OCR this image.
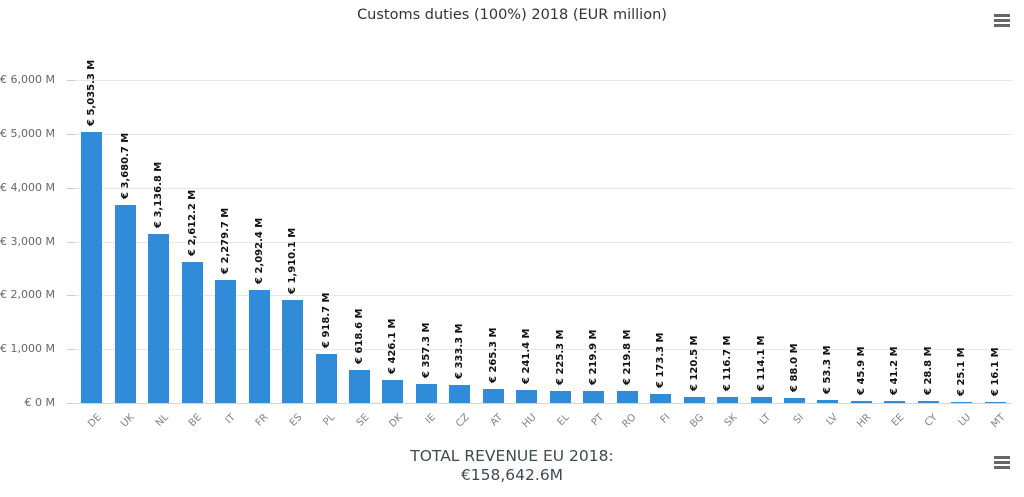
Customs duties (100%) 2018 (EUR million)
€ 0 M
€ 1,000 M
€ 2,000 M
€ 3,000 M
€ 4,000 M
€ 5,000 M
€ 6,000 M	€ 5,035.3 M
€ 3,680.7 M € 3,136.8 M € 2,612.2 M € 2,279.7 M € 2,092.4 M € 1,910.1 M
€ 918.7 M € 618.6 M € 426.1 M € 357.3 M € 333.3 M € 265.3 M € 241.4 M € 225.3 M € 219.9 M € 219.8 M € 173.3 M € 120.5 M € 116.7 M € 114.1 M € 88.0 M € 53.3 M € 45.9 M € 41.2 M € 28.8 M € 25.1 M € 16.1 M
DE UK NL BE IT FR ES PL SE DK IE CZ AT HU EL PT RO FI BG SK LT SI LV HR EE CY LU MT
TOTAL REVENUE EU 2018:
€158,642.6M
